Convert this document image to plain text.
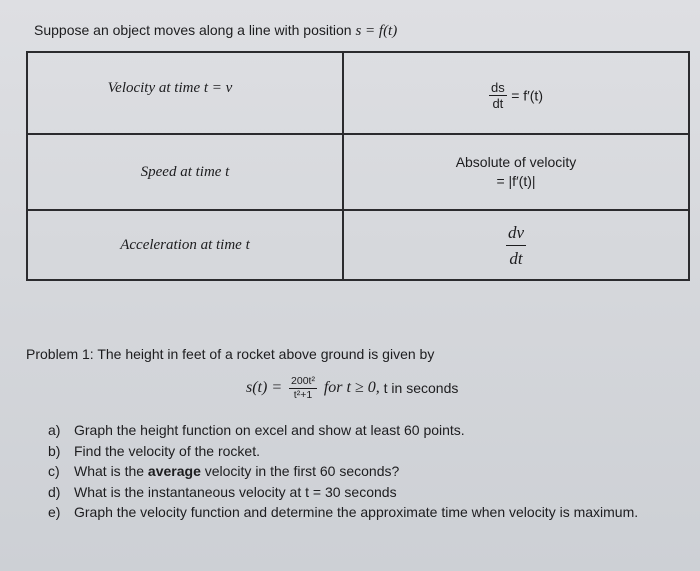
Suppose an object moves along a line with position s = f(t)
Velocity at time t = v	$\frac{ds}{dt} = f'(t)$
Speed at time t	Absolute of velocity
= |f′(t)|

Acceleration at time t	$\frac{dv}{dt}$
Problem 1: The height in feet of a rocket above ground is given by
$s(t) = \frac{\text{200t²}}{\text{t²+1}}$ for t ≥ 0, t in seconds
a) Graph the height function on excel and show at least 60 points.
b) Find the velocity of the rocket.
c) What is the average velocity in the first 60 seconds?
d) What is the instantaneous velocity at t = 30 seconds
e) Graph the velocity function and determine the approximate time when velocity is maximum.
